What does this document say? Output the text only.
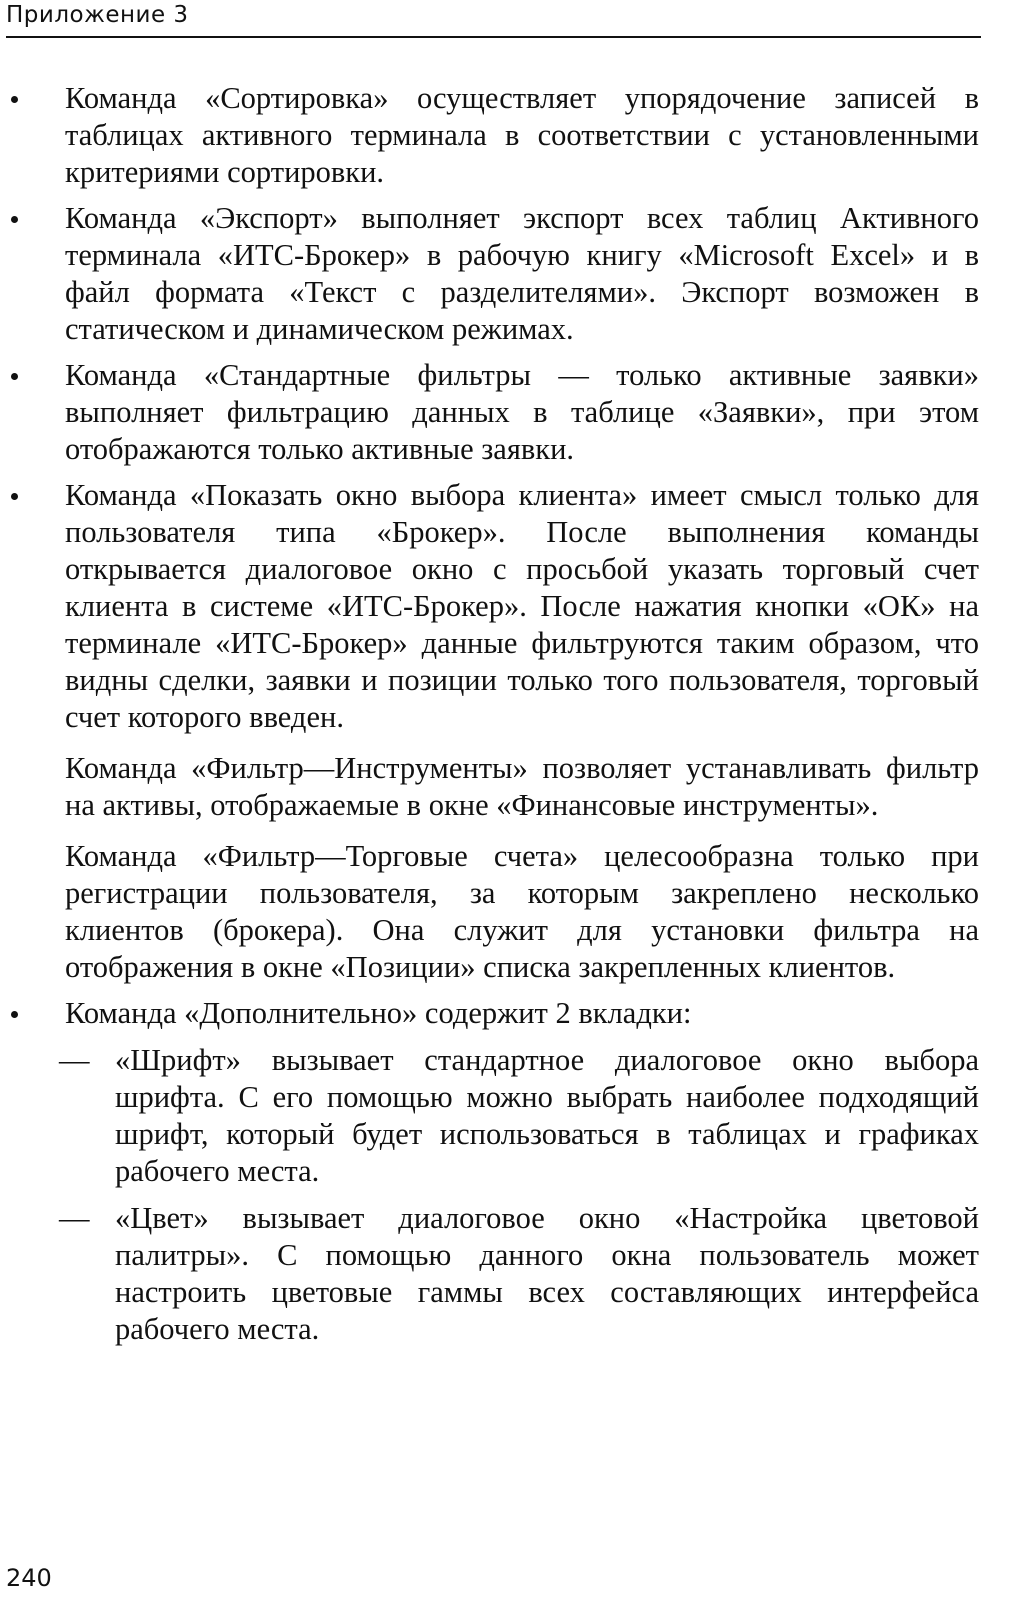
Приложение 3
Команда «Сортировка» осуществляет упорядочение записей в таблицах активного терминала в соответствии с установленными критериями сортировки.
Команда «Экспорт» выполняет экспорт всех таблиц Активного терминала «ИТС-Брокер» в рабочую книгу «Microsoft Excel» и в файл формата «Текст с разделителями». Экспорт возможен в статическом и динамическом режимах.
Команда «Стандартные фильтры — только активные заявки» выполняет фильтрацию данных в таблице «Заявки», при этом отображаются только активные заявки.
Команда «Показать окно выбора клиента» имеет смысл только для пользователя типа «Брокер». После выполнения команды открывается диалоговое окно с просьбой указать торговый счет клиента в системе «ИТС-Брокер». После нажатия кнопки «ОК» на терминале «ИТС-Брокер» данные фильтруются таким образом, что видны сделки, заявки и позиции только того пользователя, торговый счет которого введен.
Команда «Фильтр—Инструменты» позволяет устанавливать фильтр на активы, отображаемые в окне «Финансовые инструменты».
Команда «Фильтр—Торговые счета» целесообразна только при регистрации пользователя, за которым закреплено несколько клиентов (брокера). Она служит для установки фильтра на отображения в окне «Позиции» списка закрепленных клиентов.
Команда «Дополнительно» содержит 2 вкладки:
— «Шрифт» вызывает стандартное диалоговое окно выбора шрифта. С его помощью можно выбрать наиболее подходящий шрифт, который будет использоваться в таблицах и графиках рабочего места.
— «Цвет» вызывает диалоговое окно «Настройка цветовой палитры». С помощью данного окна пользователь может настроить цветовые гаммы всех составляющих интерфейса рабочего места.
240
